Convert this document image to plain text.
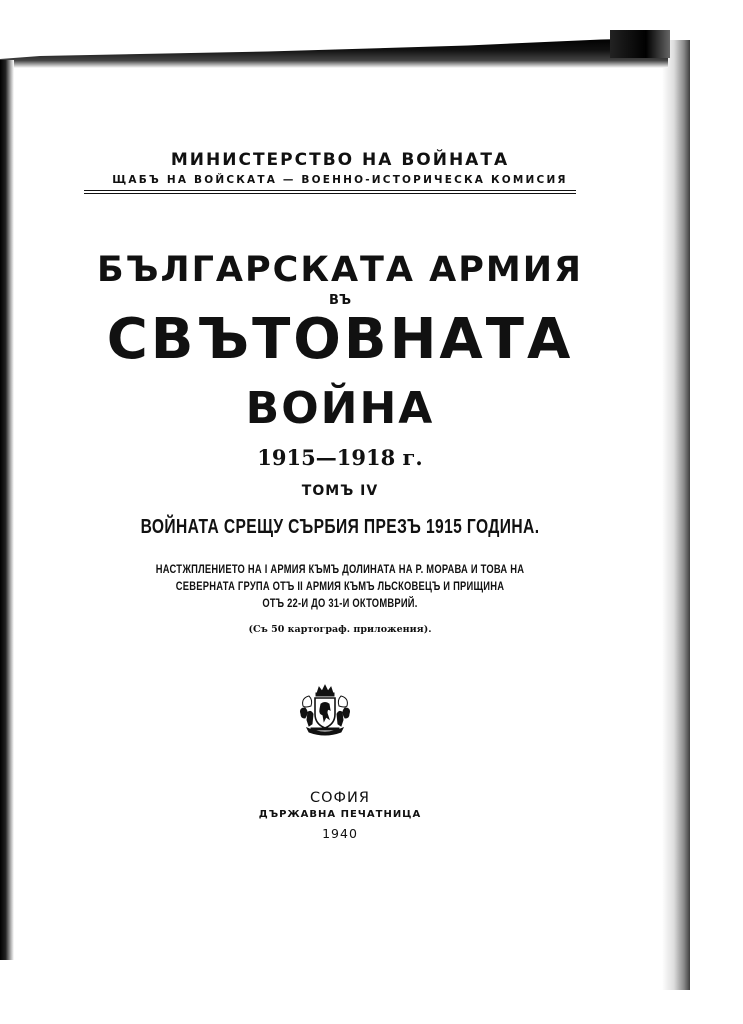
МИНИСТЕРСТВО НА ВОЙНАТА

ЩАБЪ НА ВОЙСКАТА — ВОЕННО-ИСТОРИЧЕСКА КОМИСИЯ

БЪЛГАРСКАТА АРМИЯ

ВЪ

СВЪТОВНАТА

ВОЙНА

1915—1918 г.

ТОМЪ IV

ВОЙНАТА СРЕЩУ СЪРБИЯ ПРЕЗЪ 1915 ГОДИНА.

НАСТЖПЛЕНИЕТО НА I АРМИЯ КЪМЪ ДОЛИНАТА НА Р. МОРАВА И ТОВА НА

СЕВЕРНАТА ГРУПА ОТЪ II АРМИЯ КЪМЪ ЛЬСКОВЕЦЪ И ПРИЩИНА

ОТЪ 22-И ДО 31-И ОКТОМВРИЙ.

(Съ 50 картограф. приложения).

СОФИЯ

ДЪРЖАВНА ПЕЧАТНИЦА

1940
